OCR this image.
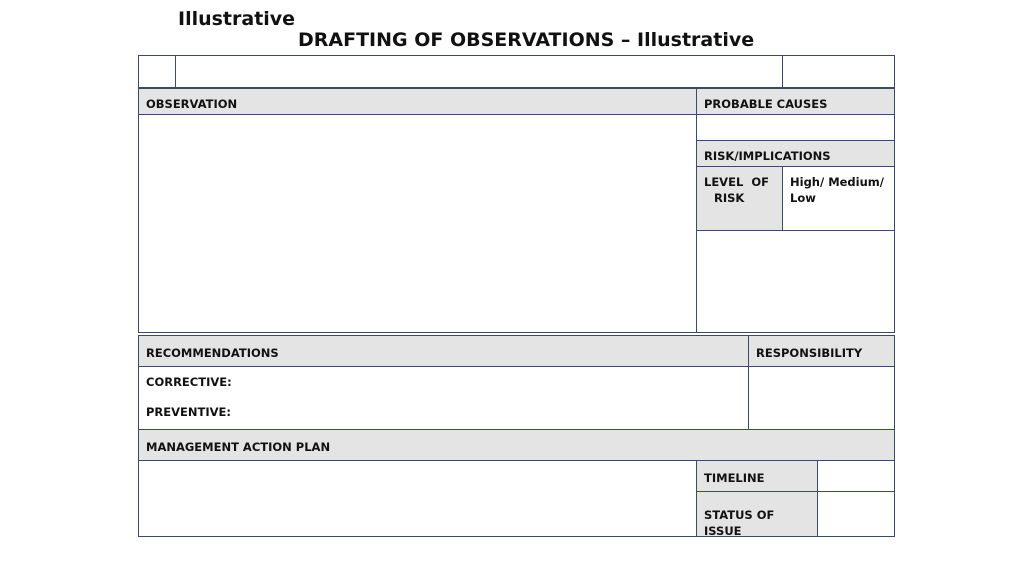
Illustrative
DRAFTING OF OBSERVATIONS – Illustrative
OBSERVATION	PROBABLE CAUSES
RISK/IMPLICATIONS
LEVEL OF
RISK
High/ Medium/ Low
RECOMMENDATIONS	RESPONSIBILITY
CORRECTIVE:
PREVENTIVE:
MANAGEMENT ACTION PLAN
TIMELINE
STATUS OF ISSUE
